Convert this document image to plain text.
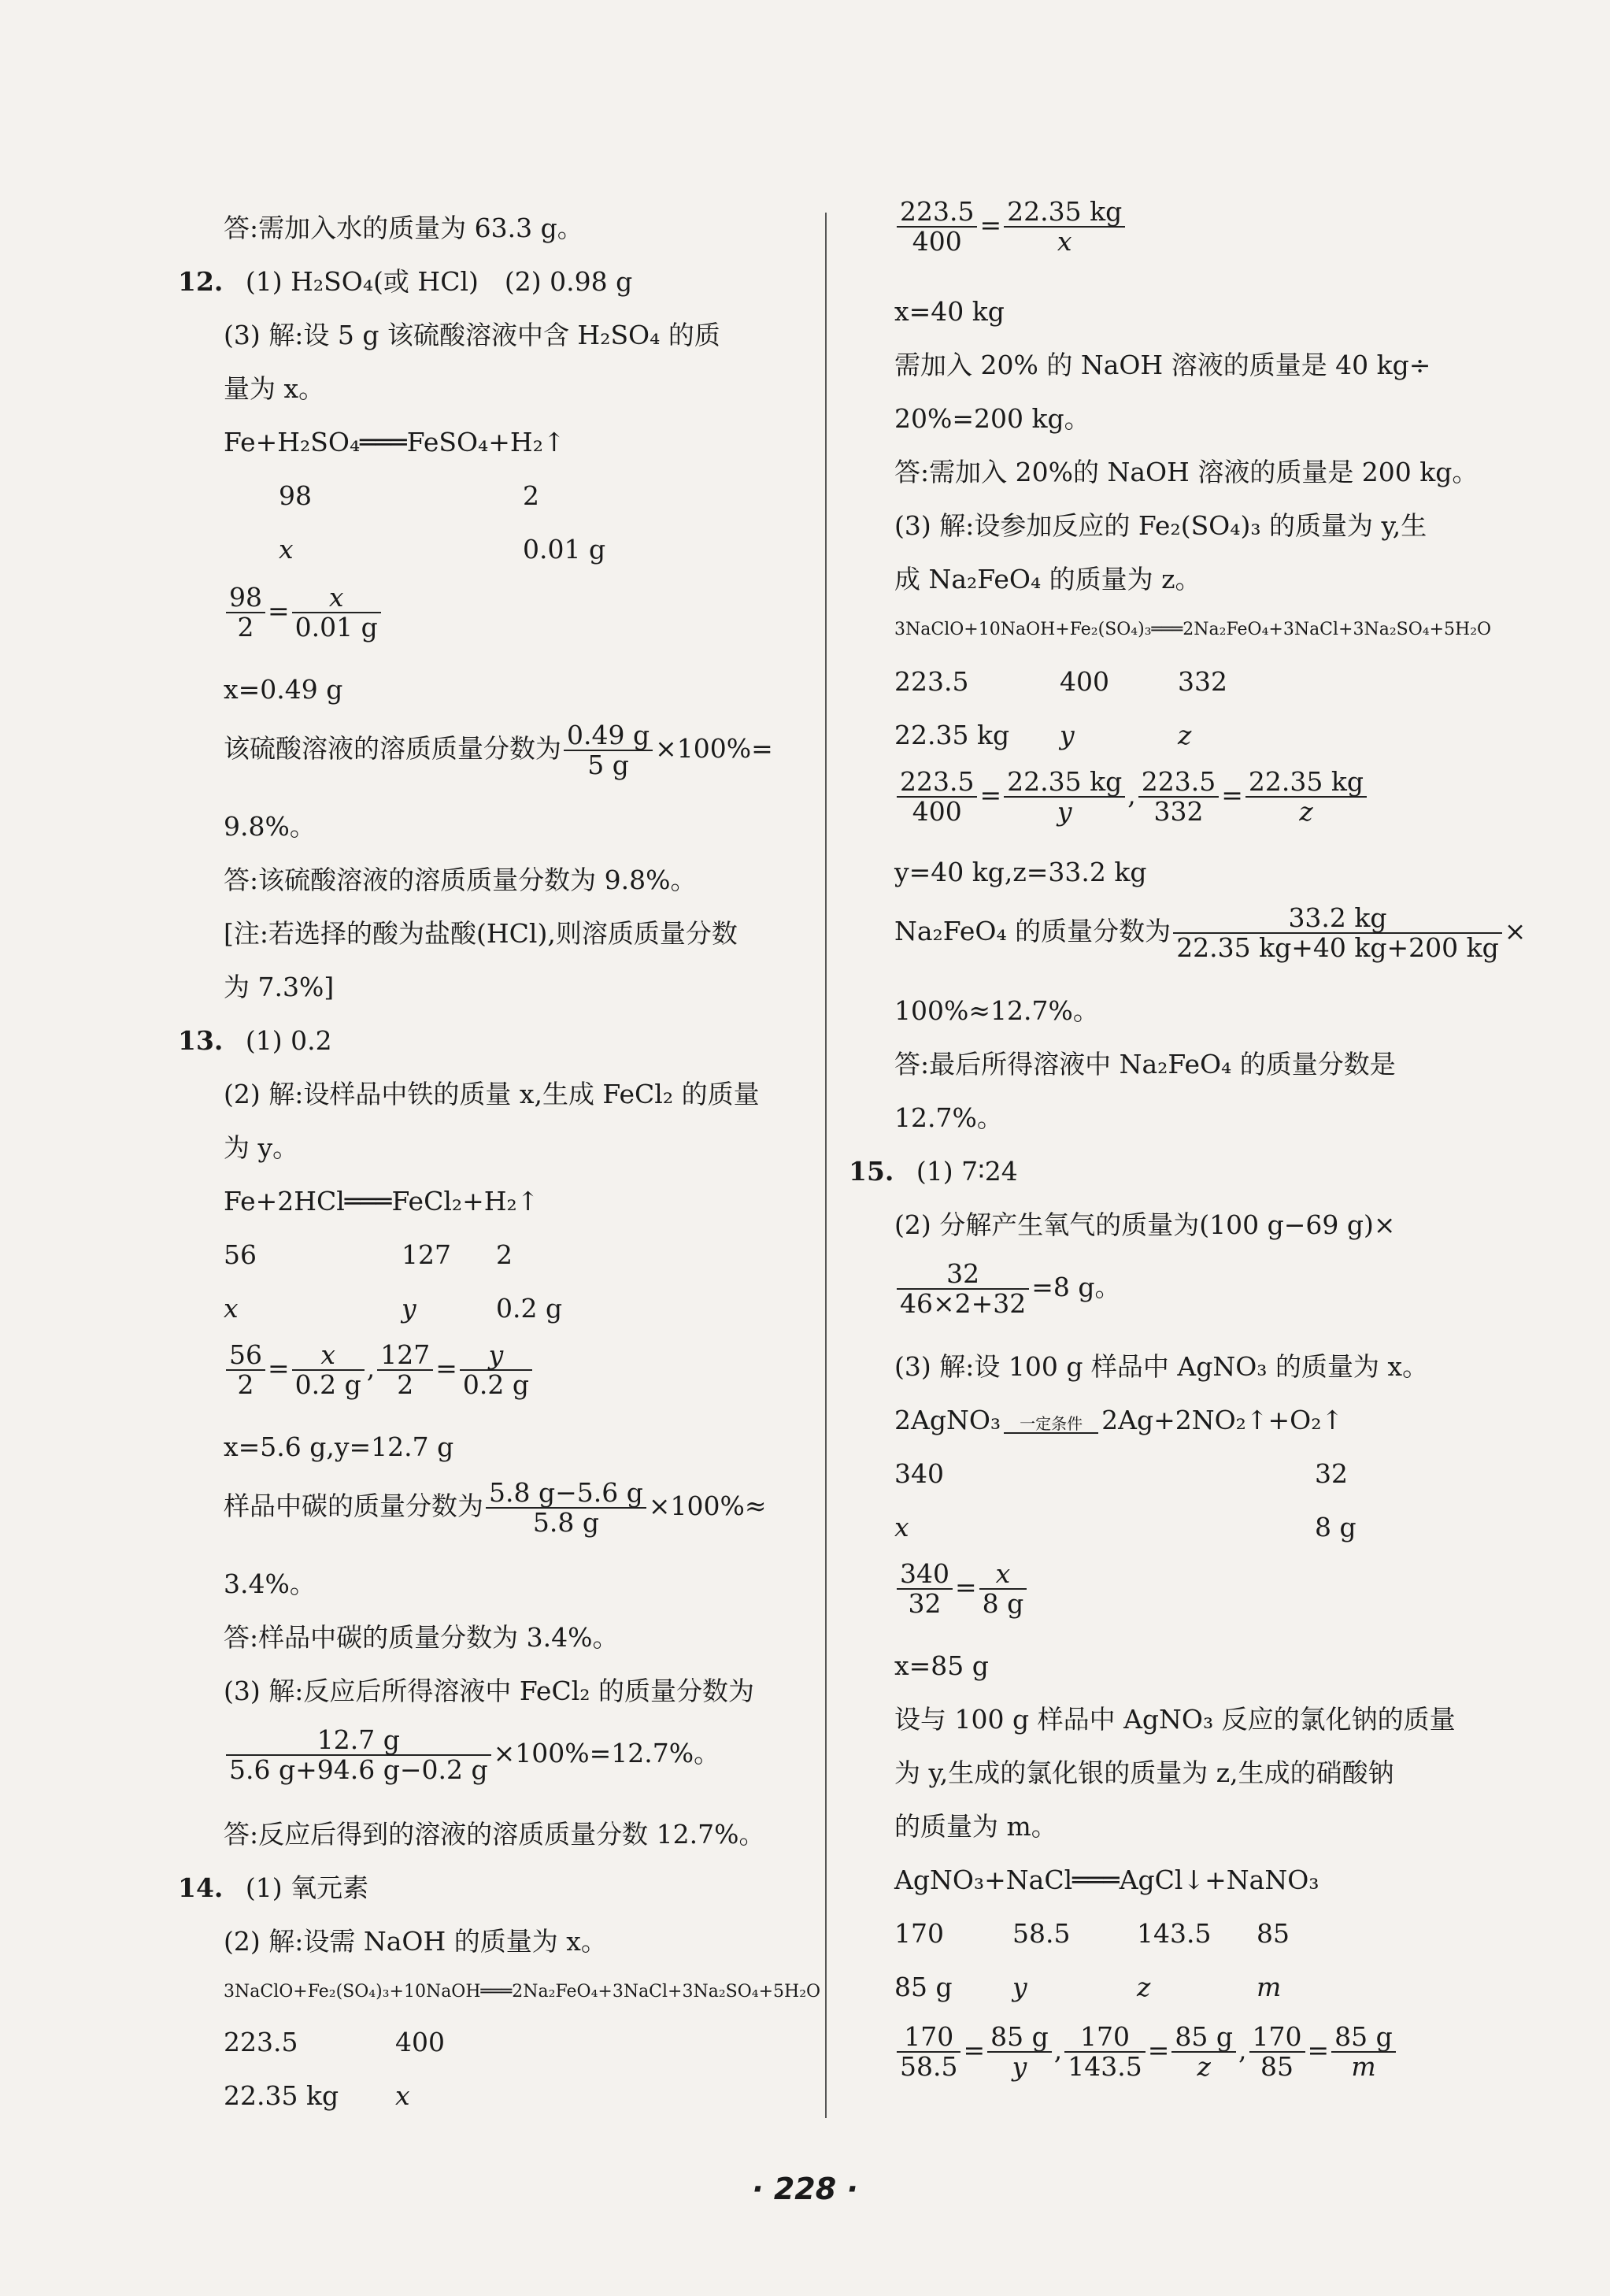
答:需加入水的质量为 63.3 g。
12. (1) H₂SO₄(或 HCl)　(2) 0.98 g
(3) 解:设 5 g 该硫酸溶液中含 H₂SO₄ 的质
量为 x。
Fe+H₂SO₄═══FeSO₄+H₂↑
98	2
x	0.01 g
$\frac{98}{2} = \frac{x}{0.01 g}$
x=0.49 g
该硫酸溶液的溶质质量分数为 $\frac{0.49 g}{5 g} \times 100\%=$
9.8%。
答:该硫酸溶液的溶质质量分数为 9.8%。
[注:若选择的酸为盐酸(HCl),则溶质质量分数
为 7.3%]
13. (1) 0.2
(2) 解:设样品中铁的质量 x,生成 FeCl₂ 的质量
为 y。
Fe+2HCl═══FeCl₂+H₂↑
56	127 2
x	y	0.2 g
$\frac{56}{2} = \frac{x}{0.2 g}$ , $\frac{127}{2} = \frac{y}{0.2 g}$
x=5.6 g,y=12.7 g
样品中碳的质量分数为 $\frac{5.8 g-5.6 g}{5.8 g} \times 100\%\approx$
3.4%。
答:样品中碳的质量分数为 3.4%。
(3) 解:反应后所得溶液中 FeCl₂ 的质量分数为
$\frac{12.7 g}{5.6 g+94.6 g-0.2 g} \times 100\%=12.7\%$。
答:反应后得到的溶液的溶质质量分数 12.7%。
14. (1) 氧元素
(2) 解:设需 NaOH 的质量为 x。
3NaClO+Fe₂(SO₄)₃+10NaOH═══2Na₂FeO₄+3NaCl+3Na₂SO₄+5H₂O
223.5	400
22.35 kg x
$\frac{223.5}{400} = \frac{22.35 kg}{x}$
x=40 kg
需加入 20% 的 NaOH 溶液的质量是 40 kg÷
20%=200 kg。
答:需加入 20%的 NaOH 溶液的质量是 200 kg。
(3) 解:设参加反应的 Fe₂(SO₄)₃ 的质量为 y,生
成 Na₂FeO₄ 的质量为 z。
3NaClO+10NaOH+Fe₂(SO₄)₃═══2Na₂FeO₄+3NaCl+3Na₂SO₄+5H₂O
223.5	400	332
22.35 kg y	z
$\frac{223.5}{400} = \frac{22.35 kg}{y}$ , $\frac{223.5}{332} = \frac{22.35 kg}{z}$
y=40 kg,z=33.2 kg
Na₂FeO₄ 的质量分数为 $\frac{33.2 kg}{22.35 kg+40 kg+200 kg}$ ×
100%≈12.7%。
答:最后所得溶液中 Na₂FeO₄ 的质量分数是
12.7%。
15. (1) 7∶24
(2) 分解产生氧气的质量为(100 g−69 g)×
$\frac{32}{46\times 2+32} =8$ g。
(3) 解:设 100 g 样品中 AgNO₃ 的质量为 x。
2AgNO₃	一定条件 2Ag+2NO₂↑+O₂↑
340	32
x	8 g
$\frac{340}{32} = \frac{x}{8 g}$
x=85 g
设与 100 g 样品中 AgNO₃ 反应的氯化钠的质量
为 y,生成的氯化银的质量为 z,生成的硝酸钠
的质量为 m。
AgNO₃+NaCl═══AgCl↓+NaNO₃
170	58.5	143.5 85
85 g y	z	m
$\frac{170}{58.5} = \frac{85 g}{y}$ , $\frac{170}{143.5} = \frac{85 g}{z}$ , $\frac{170}{85} = \frac{85 g}{m}$
· 228 ·
